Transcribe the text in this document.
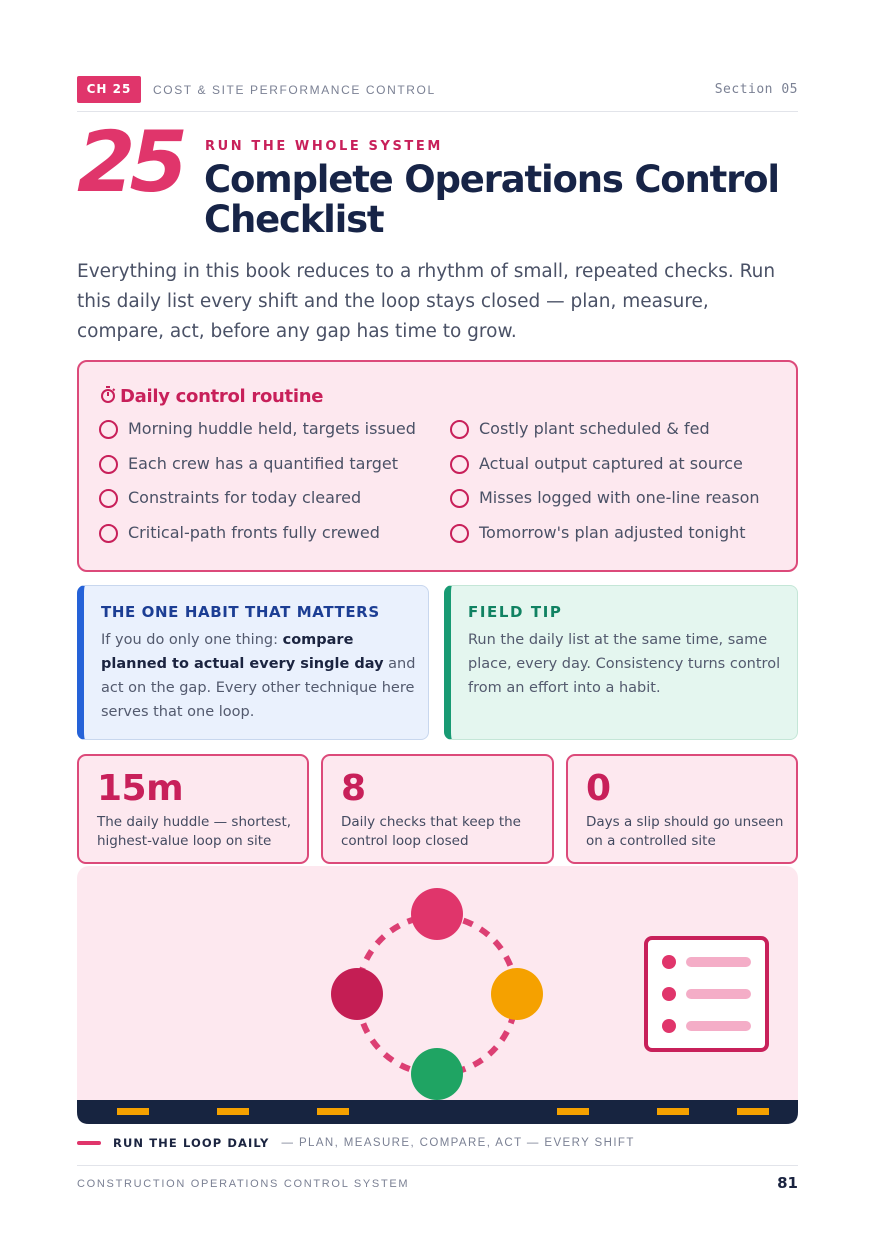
CH 25	COST & SITE PERFORMANCE CONTROL	Section 05
25 RUN THE WHOLE SYSTEM
Complete Operations Control Checklist

Everything in this book reduces to a rhythm of small, repeated checks. Run this daily list every shift and the loop stays closed — plan, measure, compare, act, before any gap has time to grow.

Daily control routine
Morning huddle held, targets issued
Each crew has a quantified target
Constraints for today cleared
Critical-path fronts fully crewed
Costly plant scheduled & fed
Actual output captured at source
Misses logged with one-line reason
Tomorrow's plan adjusted tonight
THE ONE HABIT THAT MATTERS
If you do only one thing: compare planned to actual every single day and act on the gap. Every other technique here serves that one loop.
FIELD TIP
Run the daily list at the same time, same place, every day. Consistency turns control from an effort into a habit.
15m
The daily huddle — shortest, highest-value loop on site
8
Daily checks that keep the control loop closed
0
Days a slip should go unseen on a controlled site
RUN THE LOOP DAILY — PLAN, MEASURE, COMPARE, ACT — EVERY SHIFT
CONSTRUCTION OPERATIONS CONTROL SYSTEM	81
